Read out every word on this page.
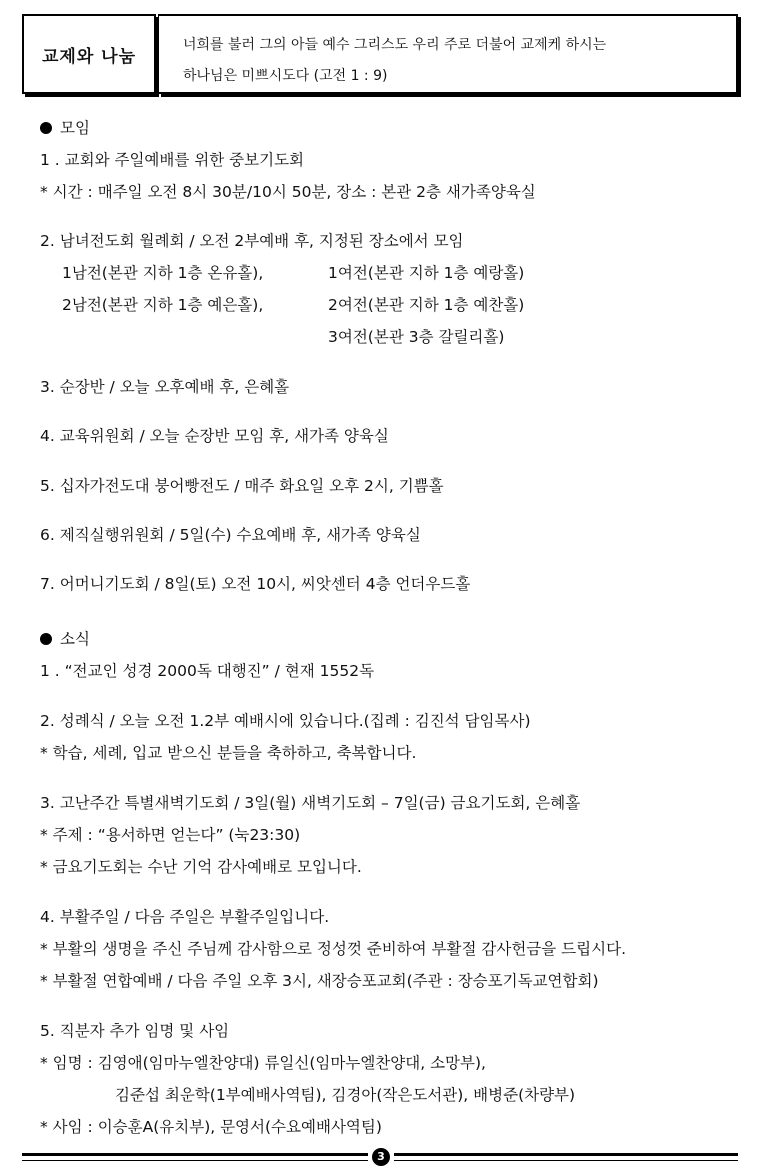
교제와 나눔
너희를 불러 그의 아들 예수 그리스도 우리 주로 더불어 교제케 하시는
하나님은 미쁘시도다 (고전 1 : 9)
모임
1 . 교회와 주일예배를 위한 중보기도회
* 시간 : 매주일 오전 8시 30분/10시 50분, 장소 : 본관 2층 새가족양육실
2. 남녀전도회 월례회 / 오전 2부예배 후, 지정된 장소에서 모임
1남전(본관 지하 1층 온유홀),	1여전(본관 지하 1층 예랑홀)
2남전(본관 지하 1층 예은홀),	2여전(본관 지하 1층 예찬홀)
3여전(본관 3층 갈릴리홀)
3. 순장반 / 오늘 오후예배 후, 은혜홀
4. 교육위원회 / 오늘 순장반 모임 후, 새가족 양육실
5. 십자가전도대 붕어빵전도 / 매주 화요일 오후 2시, 기쁨홀
6. 제직실행위원회 / 5일(수) 수요예배 후, 새가족 양육실
7. 어머니기도회 / 8일(토) 오전 10시, 씨앗센터 4층 언더우드홀
소식
1 . “전교인 성경 2000독 대행진” / 현재 1552독
2. 성례식 / 오늘 오전 1.2부 예배시에 있습니다.(집례 : 김진석 담임목사)
* 학습, 세례, 입교 받으신 분들을 축하하고, 축복합니다.
3. 고난주간 특별새벽기도회 / 3일(월) 새벽기도회 – 7일(금) 금요기도회, 은혜홀
* 주제 : “용서하면 얻는다” (눅23:30)
* 금요기도회는 수난 기억 감사예배로 모입니다.
4. 부활주일 / 다음 주일은 부활주일입니다.
* 부활의 생명을 주신 주님께 감사함으로 정성껏 준비하여 부활절 감사헌금을 드립시다.
* 부활절 연합예배 / 다음 주일 오후 3시, 새장승포교회(주관 : 장승포기독교연합회)
5. 직분자 추가 임명 및 사임
* 임명 : 김영애(임마누엘찬양대) 류일신(임마누엘찬양대, 소망부),
김준섭 최운학(1부예배사역팀), 김경아(작은도서관), 배병준(차량부)
* 사임 : 이승훈A(유치부), 문영서(수요예배사역팀)
3
